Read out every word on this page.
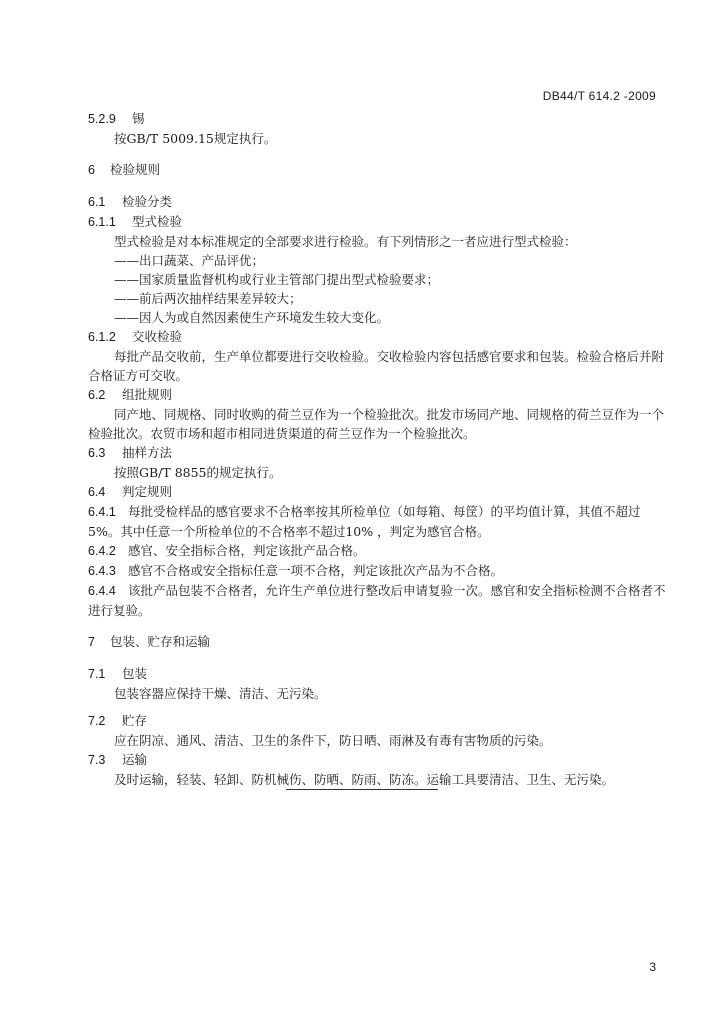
DB44/T 614.2 -2009
5.2.9 锡
按GB/T 5009.15规定执行。
6 检验规则
6.1 检验分类
6.1.1 型式检验
型式检验是对本标准规定的全部要求进行检验。有下列情形之一者应进行型式检验：
——出口蔬菜、产品评优；
——国家质量监督机构或行业主管部门提出型式检验要求；
——前后两次抽样结果差异较大；
——因人为或自然因素使生产环境发生较大变化。
6.1.2 交收检验
每批产品交收前，生产单位都要进行交收检验。交收检验内容包括感官要求和包装。检验合格后并附合格证方可交收。
6.2 组批规则
同产地、同规格、同时收购的荷兰豆作为一个检验批次。批发市场同产地、同规格的荷兰豆作为一个检验批次。农贸市场和超市相同进货渠道的荷兰豆作为一个检验批次。
6.3 抽样方法
按照GB/T 8855的规定执行。
6.4 判定规则
6.4.1 每批受检样品的感官要求不合格率按其所检单位（如每箱、每筐）的平均值计算，其值不超过5%。其中任意一个所检单位的不合格率不超过10% ，判定为感官合格。
6.4.2 感官、安全指标合格，判定该批产品合格。
6.4.3 感官不合格或安全指标任意一项不合格，判定该批次产品为不合格。
6.4.4 该批产品包装不合格者，允许生产单位进行整改后申请复验一次。感官和安全指标检测不合格者不进行复验。
7 包装、贮存和运输
7.1 包装
包装容器应保持干燥、清洁、无污染。
7.2 贮存
应在阴凉、通风、清洁、卫生的条件下，防日晒、雨淋及有毒有害物质的污染。
7.3 运输
及时运输，轻装、轻卸、防机械伤、防晒、防雨、防冻。运输工具要清洁、卫生、无污染。
3
